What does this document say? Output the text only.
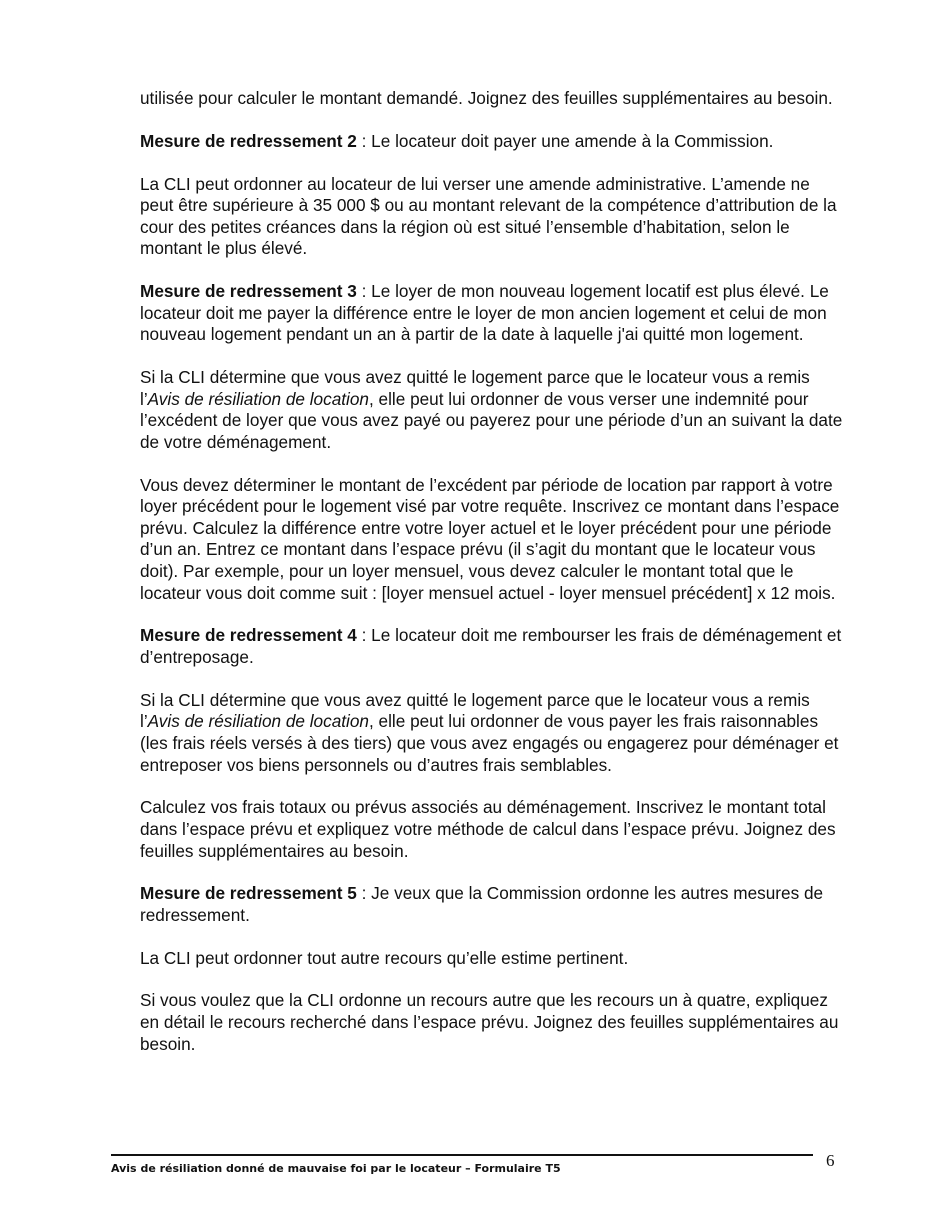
utilisée pour calculer le montant demandé. Joignez des feuilles supplémentaires au besoin.

Mesure de redressement 2 : Le locateur doit payer une amende à la Commission.

La CLI peut ordonner au locateur de lui verser une amende administrative. L’amende ne peut être supérieure à 35 000 $ ou au montant relevant de la compétence d’attribution de la cour des petites créances dans la région où est situé l’ensemble d’habitation, selon le montant le plus élevé.

Mesure de redressement 3 : Le loyer de mon nouveau logement locatif est plus élevé. Le locateur doit me payer la différence entre le loyer de mon ancien logement et celui de mon nouveau logement pendant un an à partir de la date à laquelle j'ai quitté mon logement.

Si la CLI détermine que vous avez quitté le logement parce que le locateur vous a remis l’Avis de résiliation de location, elle peut lui ordonner de vous verser une indemnité pour l’excédent de loyer que vous avez payé ou payerez pour une période d’un an suivant la date de votre déménagement.

Vous devez déterminer le montant de l’excédent par période de location par rapport à votre loyer précédent pour le logement visé par votre requête. Inscrivez ce montant dans l’espace prévu. Calculez la différence entre votre loyer actuel et le loyer précédent pour une période d’un an. Entrez ce montant dans l’espace prévu (il s’agit du montant que le locateur vous doit). Par exemple, pour un loyer mensuel, vous devez calculer le montant total que le locateur vous doit comme suit : [loyer mensuel actuel - loyer mensuel précédent] x 12 mois.

Mesure de redressement 4 : Le locateur doit me rembourser les frais de déménagement et d’entreposage.

Si la CLI détermine que vous avez quitté le logement parce que le locateur vous a remis l’Avis de résiliation de location, elle peut lui ordonner de vous payer les frais raisonnables (les frais réels versés à des tiers) que vous avez engagés ou engagerez pour déménager et entreposer vos biens personnels ou d’autres frais semblables.

Calculez vos frais totaux ou prévus associés au déménagement. Inscrivez le montant total dans l’espace prévu et expliquez votre méthode de calcul dans l’espace prévu. Joignez des feuilles supplémentaires au besoin.

Mesure de redressement 5 : Je veux que la Commission ordonne les autres mesures de redressement.

La CLI peut ordonner tout autre recours qu’elle estime pertinent.

Si vous voulez que la CLI ordonne un recours autre que les recours un à quatre, expliquez en détail le recours recherché dans l’espace prévu. Joignez des feuilles supplémentaires au besoin.

Avis de résiliation donné de mauvaise foi par le locateur – Formulaire T5	6
